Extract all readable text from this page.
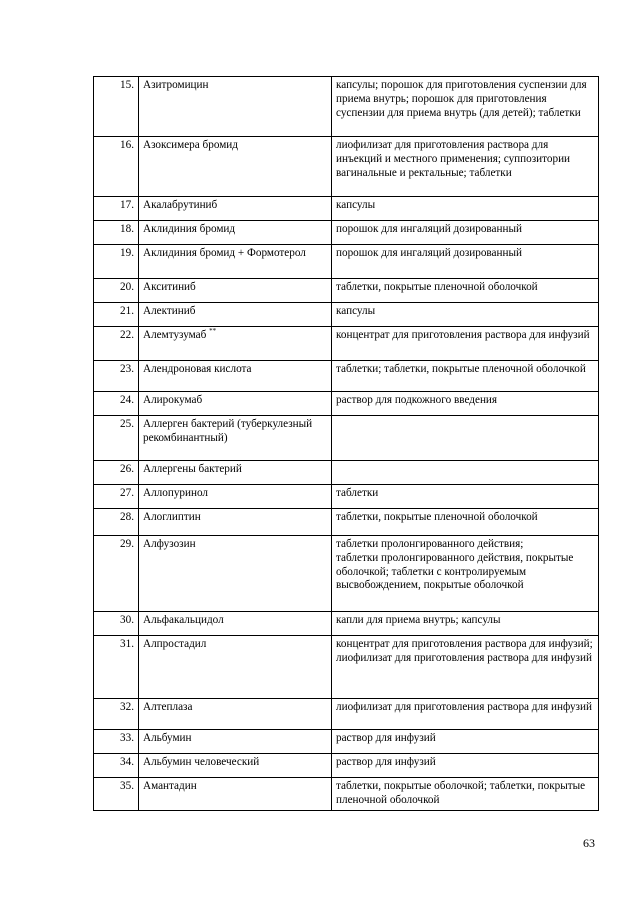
15.	Азитромицин	капсулы; порошок для приготовления суспензии для приема внутрь; порошок для приготовления суспензии для приема внутрь (для детей); таблетки
16.	Азоксимера бромид	лиофилизат для приготовления раствора для инъекций и местного применения; суппозитории вагинальные и ректальные; таблетки
17.	Акалабрутиниб	капсулы
18.	Аклидиния бромид	порошок для ингаляций дозированный
19.	Аклидиния бромид + Формотерол	порошок для ингаляций дозированный
20.	Акситиниб	таблетки, покрытые пленочной оболочкой
21.	Алектиниб	капсулы
22.	Алемтузумаб **	концентрат для приготовления раствора для инфузий
23.	Алендроновая кислота	таблетки; таблетки, покрытые пленочной оболочкой
24.	Алирокумаб	раствор для подкожного введения
25.	Аллерген бактерий (туберкулезный рекомбинантный)	
26.	Аллергены бактерий	
27.	Аллопуринол	таблетки
28.	Алоглиптин	таблетки, покрытые пленочной оболочкой
29.	Алфузозин	таблетки пролонгированного действия;
таблетки пролонгированного действия, покрытые оболочкой; таблетки с контролируемым высвобождением, покрытые оболочкой
30.	Альфакальцидол	капли для приема внутрь; капсулы
31.	Алпростадил	концентрат для приготовления раствора для инфузий;
лиофилизат для приготовления раствора для инфузий
32.	Алтеплаза	лиофилизат для приготовления раствора для инфузий
33.	Альбумин	раствор для инфузий
34.	Альбумин человеческий	раствор для инфузий
35.	Амантадин	таблетки, покрытые оболочкой; таблетки, покрытые пленочной оболочкой
63
